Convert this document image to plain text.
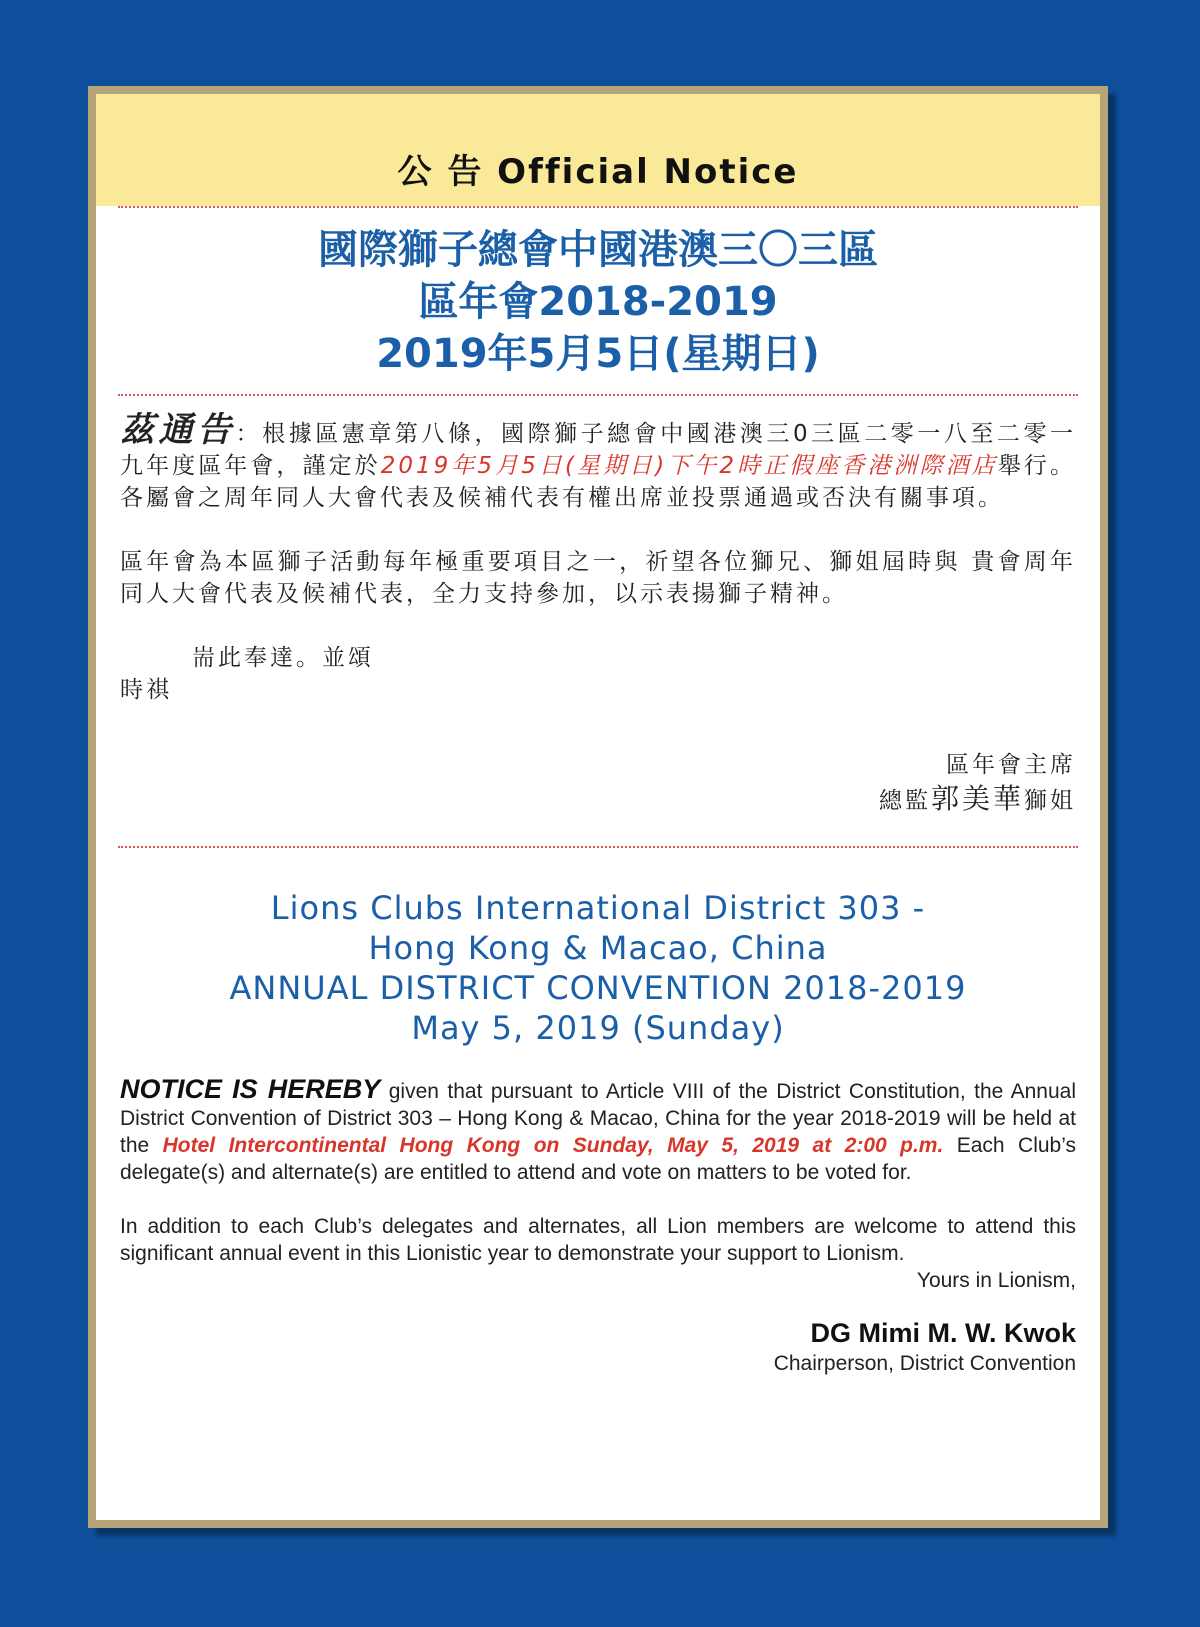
公 告 Official Notice
國際獅子總會中國港澳三〇三區
區年會2018-2019
2019年5月5日(星期日)

茲通告：根據區憲章第八條，國際獅子總會中國港澳三0三區二零一八至二零一九年度區年會，謹定於2019年5月5日(星期日)下午2時正假座香港洲際酒店舉行。各屬會之周年同人大會代表及候補代表有權出席並投票通過或否決有關事項。

區年會為本區獅子活動每年極重要項目之一，祈望各位獅兄、獅姐屆時與 貴會周年同人大會代表及候補代表，全力支持參加，以示表揚獅子精神。

耑此奉達。並頌

時祺

區年會主席
總監郭美華獅姐
Lions Clubs International District 303 -
Hong Kong & Macao, China
ANNUAL DISTRICT CONVENTION 2018-2019
May 5, 2019 (Sunday)

NOTICE IS HEREBY given that pursuant to Article VIII of the District Constitution, the Annual District Convention of District 303 – Hong Kong & Macao, China for the year 2018-2019 will be held at the Hotel Intercontinental Hong Kong on Sunday, May 5, 2019 at 2:00 p.m. Each Club’s delegate(s) and alternate(s) are entitled to attend and vote on matters to be voted for.

In addition to each Club’s delegates and alternates, all Lion members are welcome to attend this significant annual event in this Lionistic year to demonstrate your support to Lionism.

Yours in Lionism,
DG Mimi M. W. Kwok
Chairperson, District Convention
